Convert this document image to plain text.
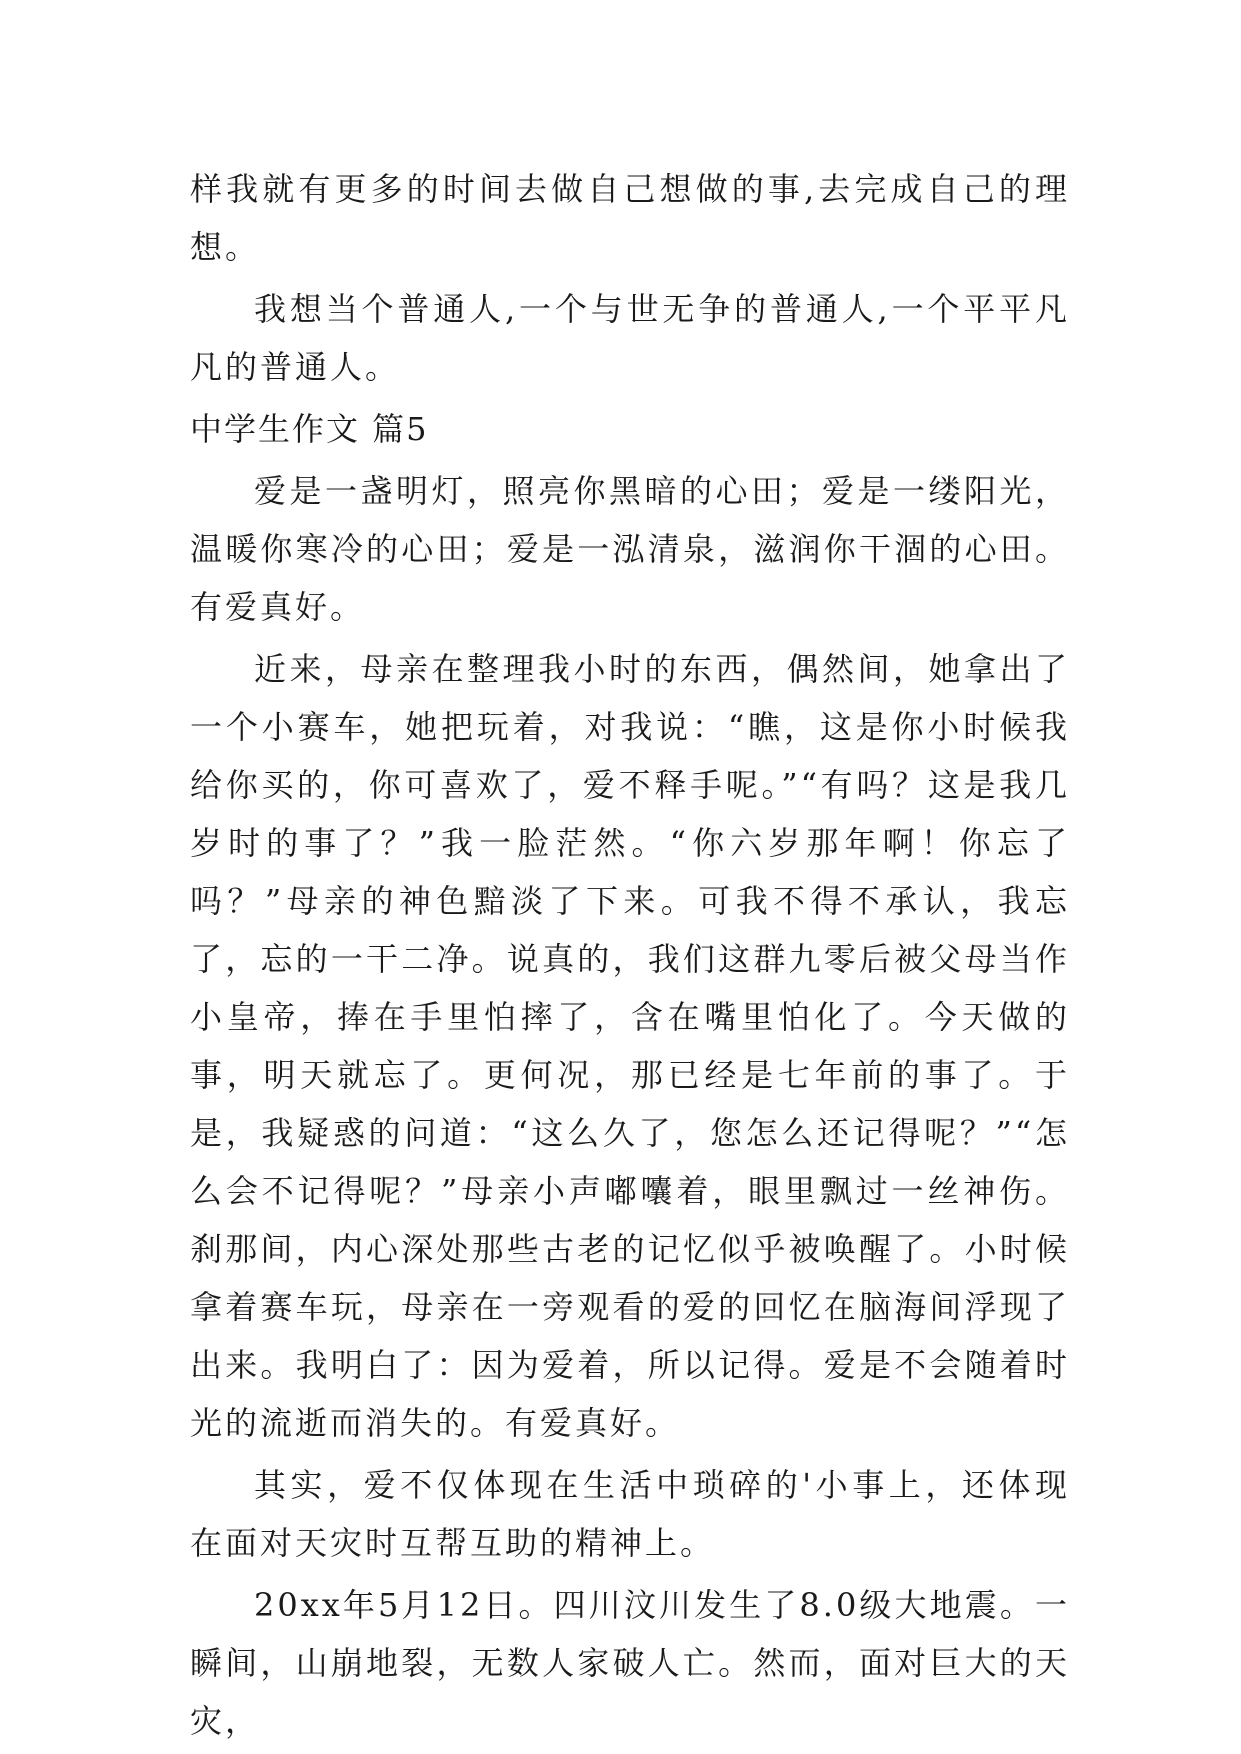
样我就有更多的时间去做自己想做的事,去完成自己的理想。

我想当个普通人,一个与世无争的普通人,一个平平凡凡的普通人。

中学生作文 篇5

爱是一盏明灯，照亮你黑暗的心田；爱是一缕阳光，温暖你寒冷的心田；爱是一泓清泉，滋润你干涸的心田。有爱真好。

近来，母亲在整理我小时的东西，偶然间，她拿出了一个小赛车，她把玩着，对我说：“瞧，这是你小时候我给你买的，你可喜欢了，爱不释手呢。”“有吗？这是我几岁时的事了？”我一脸茫然。“你六岁那年啊！你忘了吗？”母亲的神色黯淡了下来。可我不得不承认，我忘了，忘的一干二净。说真的，我们这群九零后被父母当作小皇帝，捧在手里怕摔了，含在嘴里怕化了。今天做的事，明天就忘了。更何况，那已经是七年前的事了。于是，我疑惑的问道：“这么久了，您怎么还记得呢？”“怎么会不记得呢？”母亲小声嘟囔着，眼里飘过一丝神伤。刹那间，内心深处那些古老的记忆似乎被唤醒了。小时候拿着赛车玩，母亲在一旁观看的爱的回忆在脑海间浮现了出来。我明白了：因为爱着，所以记得。爱是不会随着时光的流逝而消失的。有爱真好。

其实，爱不仅体现在生活中琐碎的'小事上，还体现在面对天灾时互帮互助的精神上。

20xx年5月12日。四川汶川发生了8.0级大地震。一瞬间，山崩地裂，无数人家破人亡。然而，面对巨大的天灾，
